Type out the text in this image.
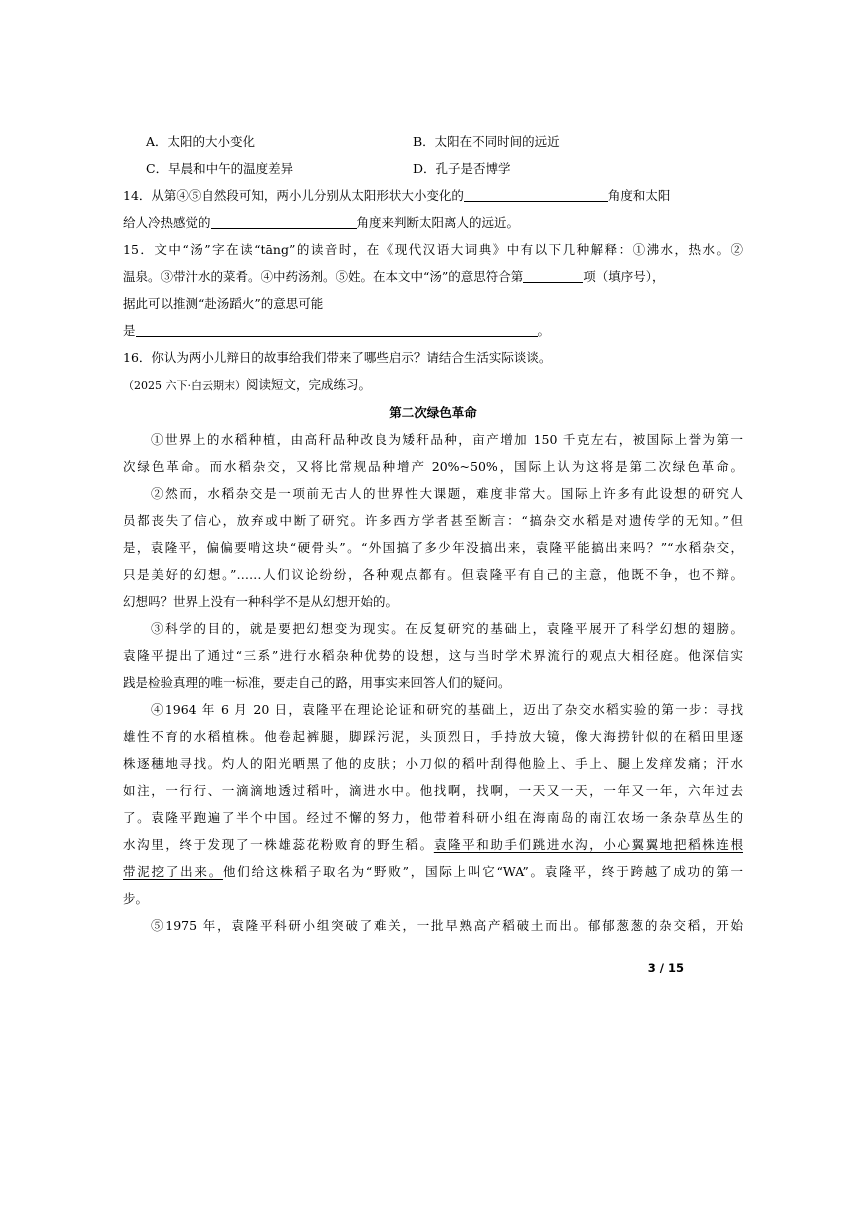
A．太阳的大小变化	B．太阳在不同时间的远近
C．早晨和中午的温度差异	D．孔子是否博学
14．从第④⑤自然段可知，两小儿分别从太阳形状大小变化的	角度和太阳
给人冷热感觉的	角度来判断太阳离人的远近。
15．文中“汤”字在读“tāng”的读音时，在《现代汉语大词典》中有以下几种解释：①沸水，热水。②
温泉。③带汁水的菜肴。④中药汤剂。⑤姓。在本文中“汤”的意思符合第	项（填序号），
据此可以推测“赴汤蹈火”的意思可能
是	。
16．你认为两小儿辩日的故事给我们带来了哪些启示？请结合生活实际谈谈。
（2025 六下·白云期末）阅读短文，完成练习。
第二次绿色革命
①世界上的水稻种植，由高秆品种改良为矮秆品种，亩产增加 150 千克左右，被国际上誉为第一
次绿色革命。而水稻杂交，又将比常规品种增产 20%~50%，国际上认为这将是第二次绿色革命。
②然而，水稻杂交是一项前无古人的世界性大课题，难度非常大。国际上许多有此设想的研究人
员都丧失了信心，放弃或中断了研究。许多西方学者甚至断言：“搞杂交水稻是对遗传学的无知。”但
是，袁隆平，偏偏要啃这块“硬骨头”。“外国搞了多少年没搞出来，袁隆平能搞出来吗？”“水稻杂交，
只是美好的幻想。”……人们议论纷纷，各种观点都有。但袁隆平有自己的主意，他既不争，也不辩。
幻想吗？世界上没有一种科学不是从幻想开始的。
③科学的目的，就是要把幻想变为现实。在反复研究的基础上，袁隆平展开了科学幻想的翅膀。
袁隆平提出了通过“三系”进行水稻杂种优势的设想，这与当时学术界流行的观点大相径庭。他深信实
践是检验真理的唯一标准，要走自己的路，用事实来回答人们的疑问。
④1964 年 6 月 20 日，袁隆平在理论论证和研究的基础上，迈出了杂交水稻实验的第一步：寻找
雄性不育的水稻植株。他卷起裤腿，脚踩污泥，头顶烈日，手持放大镜，像大海捞针似的在稻田里逐
株逐穗地寻找。灼人的阳光晒黑了他的皮肤；小刀似的稻叶刮得他脸上、手上、腿上发痒发痛；汗水
如注，一行行、一滴滴地透过稻叶，滴进水中。他找啊，找啊，一天又一天，一年又一年，六年过去
了。袁隆平跑遍了半个中国。经过不懈的努力，他带着科研小组在海南岛的南江农场一条杂草丛生的
水沟里，终于发现了一株雄蕊花粉败育的野生稻。袁隆平和助手们跳进水沟，小心翼翼地把稻株连根
带泥挖了出来。他们给这株稻子取名为“野败”，国际上叫它“WA”。袁隆平，终于跨越了成功的第一
步。
⑤1975 年，袁隆平科研小组突破了难关，一批早熟高产稻破土而出。郁郁葱葱的杂交稻，开始
3 / 15
